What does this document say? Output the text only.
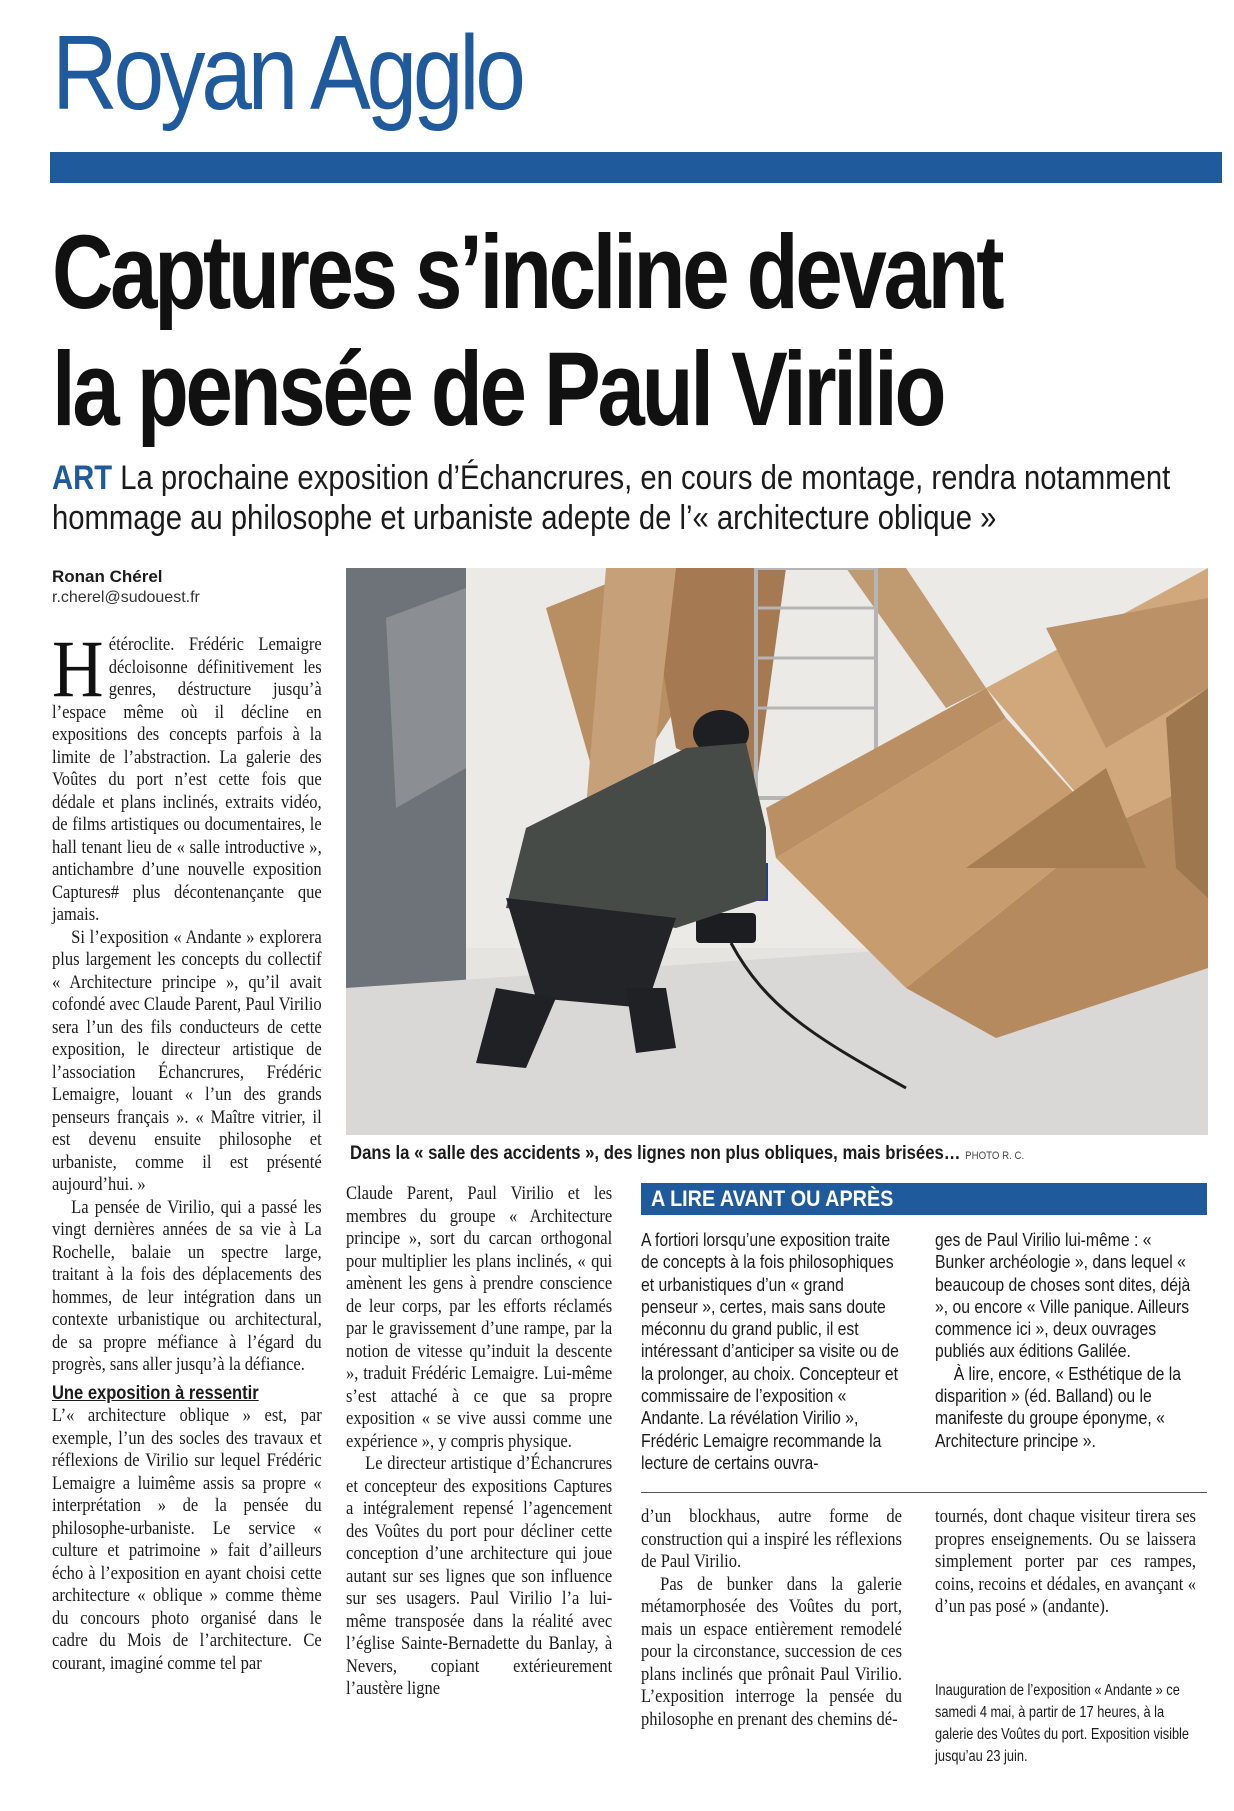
Royan Agglo
Captures s’incline devant
la pensée de Paul Virilio
ART La prochaine exposition d’Échancrures, en cours de montage, rendra notamment hommage au philosophe et urbaniste adepte de l’« architecture oblique »
Ronan Chérel
r.cherel@sudouest.fr

Hétéroclite. Frédéric Lemaigre décloisonne définitivement les genres, déstructure jusqu’à l’espace même où il décline en expositions des concepts parfois à la limite de l’abstraction. La galerie des Voûtes du port n’est cette fois que dédale et plans inclinés, extraits vidéo, de films artistiques ou documentaires, le hall tenant lieu de « salle introductive », antichambre d’une nouvelle exposition Captures# plus décontenançante que jamais.

Si l’exposition « Andante » explorera plus largement les concepts du collectif « Architecture principe », qu’il avait cofondé avec Claude Parent, Paul Virilio sera l’un des fils conducteurs de cette exposition, le directeur artistique de l’association Échancrures, Frédéric Lemaigre, louant « l’un des grands penseurs français ». « Maître vitrier, il est devenu ensuite philosophe et urbaniste, comme il est présenté aujourd’hui. »

La pensée de Virilio, qui a passé les vingt dernières années de sa vie à La Rochelle, balaie un spectre large, traitant à la fois des déplacements des hommes, de leur intégration dans un contexte urbanistique ou architectural, de sa propre méfiance à l’égard du progrès, sans aller jusqu’à la défiance.

Une exposition à ressentir

L’« architecture oblique » est, par exemple, l’un des socles des travaux et réflexions de Virilio sur lequel Frédéric Lemaigre a luimême assis sa propre « interprétation » de la pensée du philosophe-urbaniste. Le service « culture et patrimoine » fait d’ailleurs écho à l’exposition en ayant choisi cette architecture « oblique » comme thème du concours photo organisé dans le cadre du Mois de l’architecture. Ce courant, imaginé comme tel par

Dans la « salle des accidents », des lignes non plus obliques, mais brisées… PHOTO R. C.

Claude Parent, Paul Virilio et les membres du groupe « Architecture principe », sort du carcan orthogonal pour multiplier les plans inclinés, « qui amènent les gens à prendre conscience de leur corps, par les efforts réclamés par le gravissement d’une rampe, par la notion de vitesse qu’induit la descente », traduit Frédéric Lemaigre. Lui-même s’est attaché à ce que sa propre exposition « se vive aussi comme une expérience », y compris physique.

Le directeur artistique d’Échancrures et concepteur des expositions Captures a intégralement repensé l’agencement des Voûtes du port pour décliner cette conception d’une architecture qui joue autant sur ses lignes que son influence sur ses usagers. Paul Virilio l’a lui-même transposée dans la réalité avec l’église Sainte-Bernadette du Banlay, à Nevers, copiant extérieurement l’austère ligne

A LIRE AVANT OU APRÈS

A fortiori lorsqu’une exposition traite de concepts à la fois philosophiques et urbanistiques d’un « grand penseur », certes, mais sans doute méconnu du grand public, il est intéressant d’anticiper sa visite ou de la prolonger, au choix. Concepteur et commissaire de l’exposition « Andante. La révélation Virilio », Frédéric Lemaigre recommande la lecture de certains ouvra-

ges de Paul Virilio lui-même : « Bunker archéologie », dans lequel « beaucoup de choses sont dites, déjà », ou encore « Ville panique. Ailleurs commence ici », deux ouvrages publiés aux éditions Galilée.

À lire, encore, « Esthétique de la disparition » (éd. Balland) ou le manifeste du groupe éponyme, « Architecture principe ».

d’un blockhaus, autre forme de construction qui a inspiré les réflexions de Paul Virilio.

Pas de bunker dans la galerie métamorphosée des Voûtes du port, mais un espace entièrement remodelé pour la circonstance, succession de ces plans inclinés que prônait Paul Virilio. L’exposition interroge la pensée du philosophe en prenant des chemins dé-

tournés, dont chaque visiteur tirera ses propres enseignements. Ou se laissera simplement porter par ces rampes, coins, recoins et dédales, en avançant « d’un pas posé » (andante).

Inauguration de l’exposition « Andante » ce samedi 4 mai, à partir de 17 heures, à la galerie des Voûtes du port. Exposition visible jusqu’au 23 juin.
